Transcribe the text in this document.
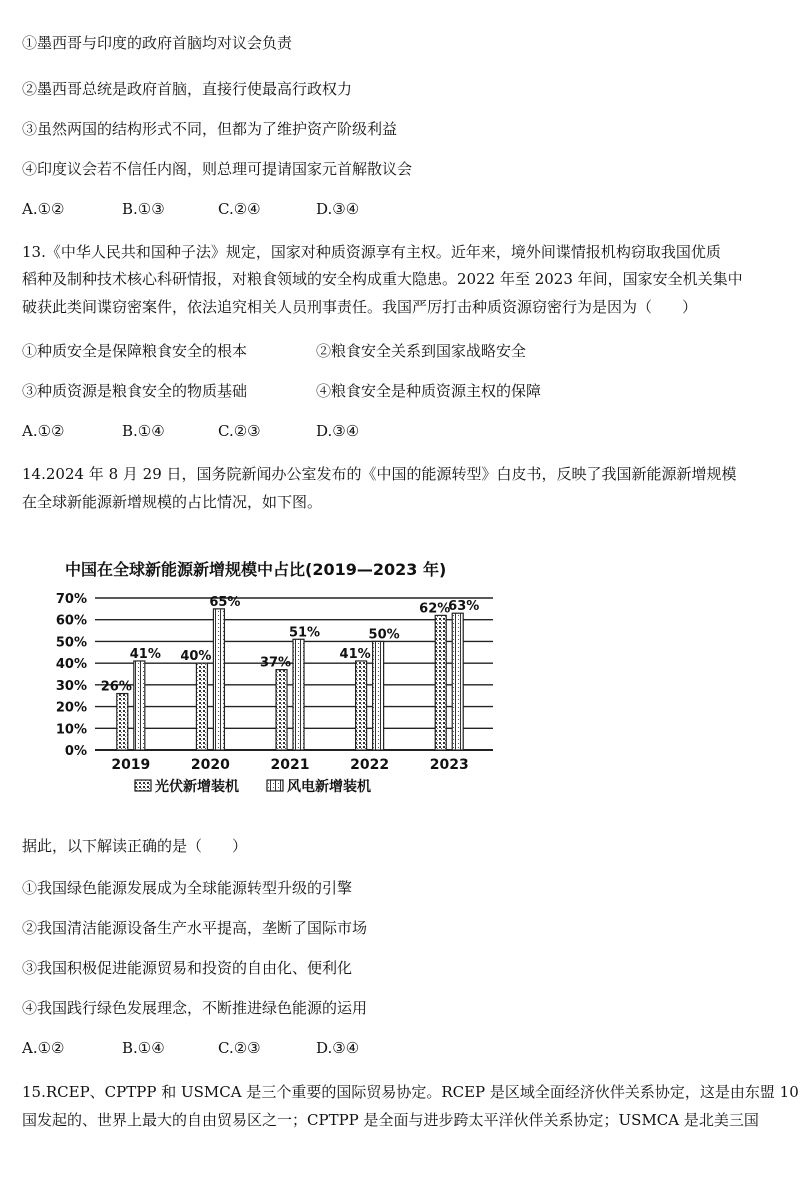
①墨西哥与印度的政府首脑均对议会负责
②墨西哥总统是政府首脑，直接行使最高行政权力
③虽然两国的结构形式不同，但都为了维护资产阶级利益
④印度议会若不信任内阁，则总理可提请国家元首解散议会
A.①②	B.①③	C.②④	D.③④
13.《中华人民共和国种子法》规定，国家对种质资源享有主权。近年来，境外间谍情报机构窃取我国优质
稻种及制种技术核心科研情报，对粮食领域的安全构成重大隐患。2022 年至 2023 年间，国家安全机关集中
破获此类间谍窃密案件，依法追究相关人员刑事责任。我国严厉打击种质资源窃密行为是因为（　　）
①种质安全是保障粮食安全的根本	②粮食安全关系到国家战略安全
③种质资源是粮食安全的物质基础	④粮食安全是种质资源主权的保障
A.①②	B.①④	C.②③	D.③④
14.2024 年 8 月 29 日，国务院新闻办公室发布的《中国的能源转型》白皮书，反映了我国新能源新增规模
在全球新能源新增规模的占比情况，如下图。
中国在全球新能源新增规模中占比(2019—2023 年)
0%
10%
20%
30%
40%
50%
60%
70%
26%
41% 40%
65%
37%
51%
41%
50%
62%
63%
2019	2020	2021	2022	2023
光伏新增装机	风电新增装机
据此，以下解读正确的是（　　）
①我国绿色能源发展成为全球能源转型升级的引擎
②我国清洁能源设备生产水平提高，垄断了国际市场
③我国积极促进能源贸易和投资的自由化、便利化
④我国践行绿色发展理念，不断推进绿色能源的运用
A.①②	B.①④	C.②③	D.③④
15.RCEP、CPTPP 和 USMCA 是三个重要的国际贸易协定。RCEP 是区域全面经济伙伴关系协定，这是由东盟 10
国发起的、世界上最大的自由贸易区之一；CPTPP 是全面与进步跨太平洋伙伴关系协定；USMCA 是北美三国
